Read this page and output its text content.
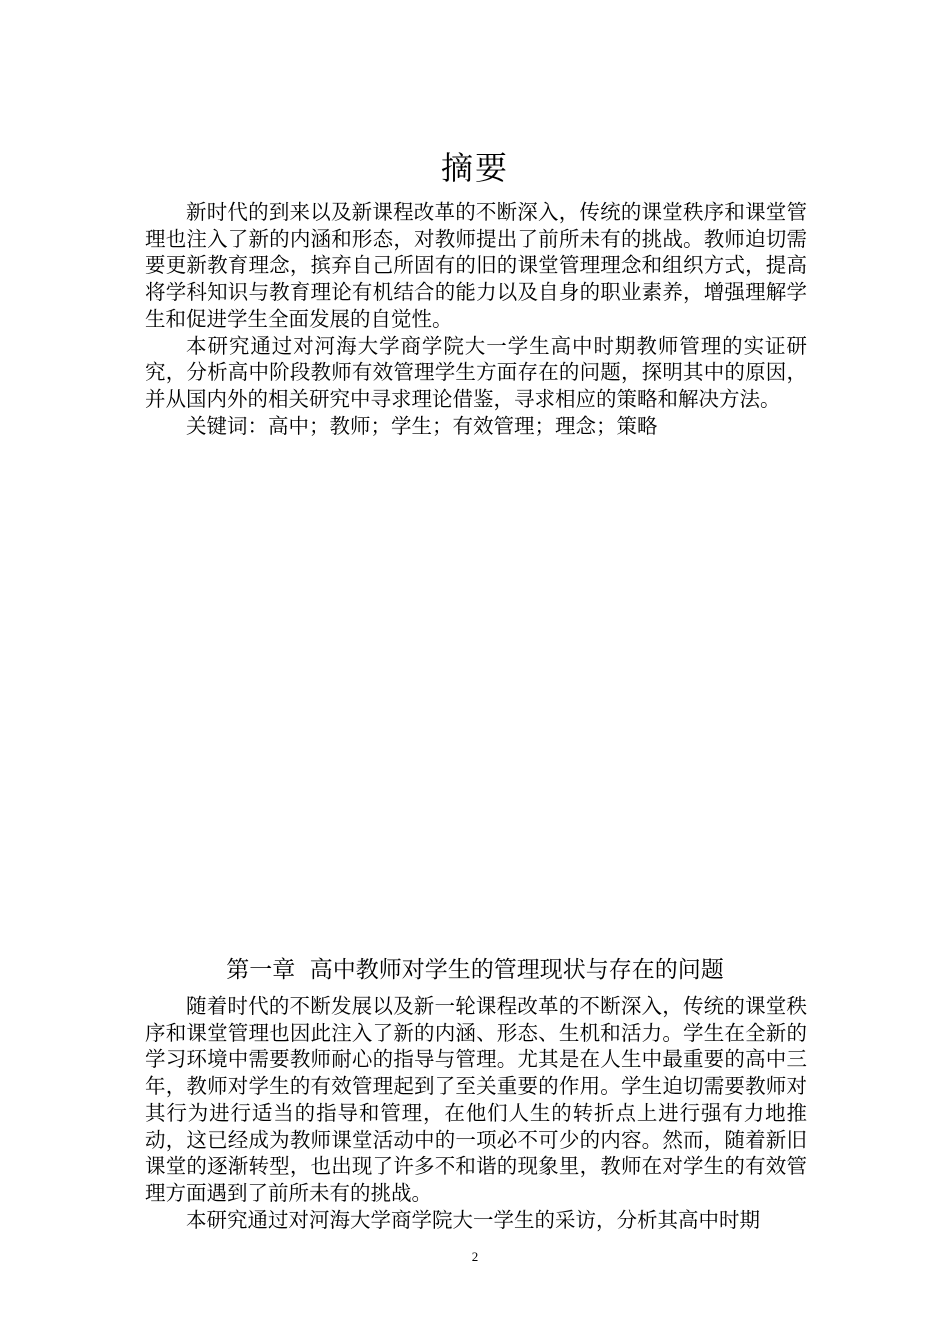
摘要

新时代的到来以及新课程改革的不断深入，传统的课堂秩序和课堂管理也注入了新的内涵和形态，对教师提出了前所未有的挑战。教师迫切需要更新教育理念，摈弃自己所固有的旧的课堂管理理念和组织方式，提高将学科知识与教育理论有机结合的能力以及自身的职业素养，增强理解学生和促进学生全面发展的自觉性。

本研究通过对河海大学商学院大一学生高中时期教师管理的实证研究，分析高中阶段教师有效管理学生方面存在的问题，探明其中的原因，并从国内外的相关研究中寻求理论借鉴，寻求相应的策略和解决方法。

关键词：高中；教师；学生；有效管理；理念；策略

第一章  高中教师对学生的管理现状与存在的问题

随着时代的不断发展以及新一轮课程改革的不断深入，传统的课堂秩序和课堂管理也因此注入了新的内涵、形态、生机和活力。学生在全新的学习环境中需要教师耐心的指导与管理。尤其是在人生中最重要的高中三年，教师对学生的有效管理起到了至关重要的作用。学生迫切需要教师对其行为进行适当的指导和管理，在他们人生的转折点上进行强有力地推动，这已经成为教师课堂活动中的一项必不可少的内容。然而，随着新旧课堂的逐渐转型，也出现了许多不和谐的现象里，教师在对学生的有效管理方面遇到了前所未有的挑战。

本研究通过对河海大学商学院大一学生的采访，分析其高中时期

2
